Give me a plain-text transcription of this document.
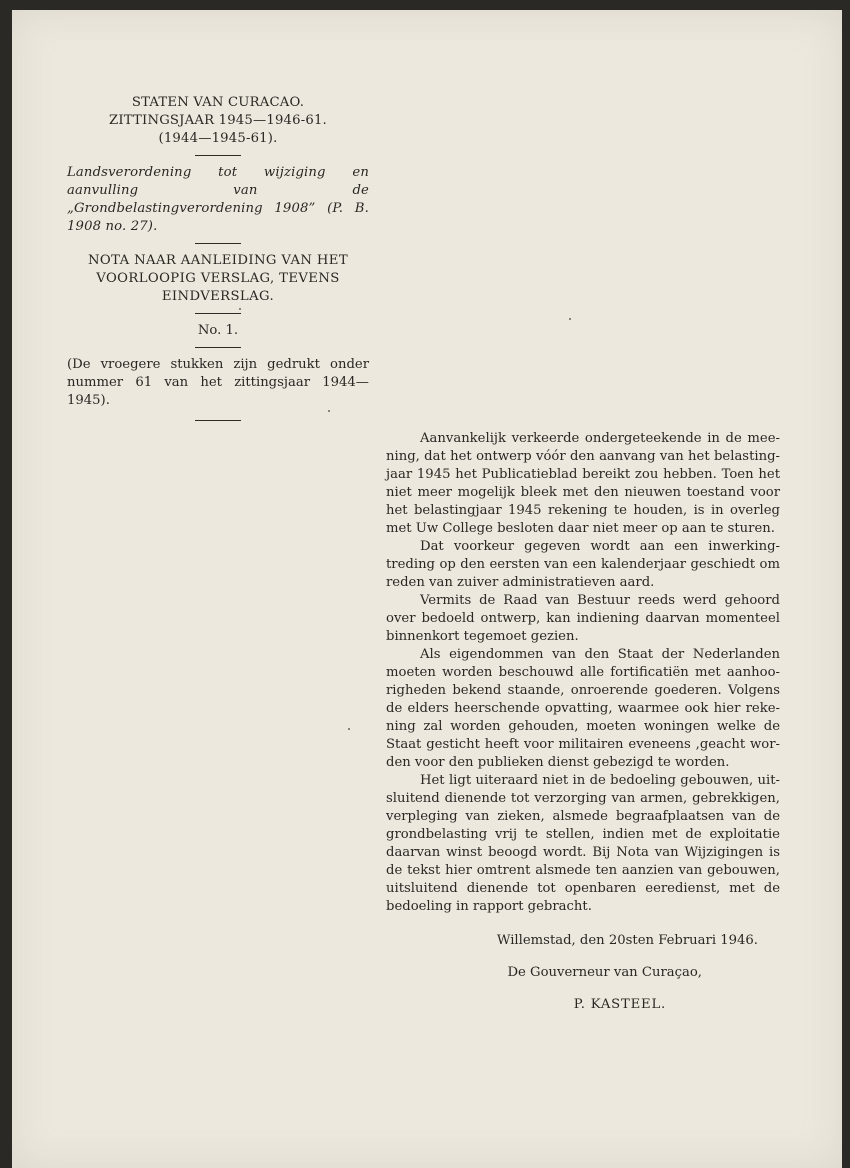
STATEN VAN CURACAO.
ZITTINGSJAAR 1945—1946-61.
(1944—1945-61).
Landsverordening tot wijziging en aanvulling van de „Grondbelastingverordening 1908” (P. B. 1908 no. 27).
NOTA NAAR AANLEIDING VAN HET
VOORLOOPIG VERSLAG, TEVENS
EINDVERSLAG.
No. 1.
(De vroegere stukken zijn gedrukt onder nummer 61 van het zittingsjaar 1944—1945).

Aanvankelijk verkeerde ondergeteekende in de meening, dat het ontwerp vóór den aanvang van het belastingjaar 1945 het Publicatieblad bereikt zou hebben. Toen het niet meer mogelijk bleek met den nieuwen toestand voor het belastingjaar 1945 rekening te houden, is in overleg met Uw College besloten daar niet meer op aan te sturen.

Dat voorkeur gegeven wordt aan een inwerkingtreding op den eersten van een kalenderjaar geschiedt om reden van zuiver administratieven aard.

Vermits de Raad van Bestuur reeds werd gehoord over bedoeld ontwerp, kan indiening daarvan momenteel binnenkort tegemoet gezien.

Als eigendommen van den Staat der Nederlanden moeten worden beschouwd alle fortificatiën met aanhoorigheden bekend staande, onroerende goederen. Volgens de elders heerschende opvatting, waarmee ook hier rekening zal worden gehouden, moeten woningen welke de Staat gesticht heeft voor militairen eveneens ,geacht worden voor den publieken dienst gebezigd te worden.

Het ligt uiteraard niet in de bedoeling gebouwen, uitsluitend dienende tot verzorging van armen, gebrekkigen, verpleging van zieken, alsmede begraafplaatsen van de grondbelasting vrij te stellen, indien met de exploitatie daarvan winst beoogd wordt. Bij Nota van Wijzigingen is de tekst hier omtrent alsmede ten aanzien van gebouwen, uitsluitend dienende tot openbaren eeredienst, met de bedoeling in rapport gebracht.

Willemstad, den 20sten Februari 1946.
De Gouverneur van Curaçao,
P. KASTEEL.
